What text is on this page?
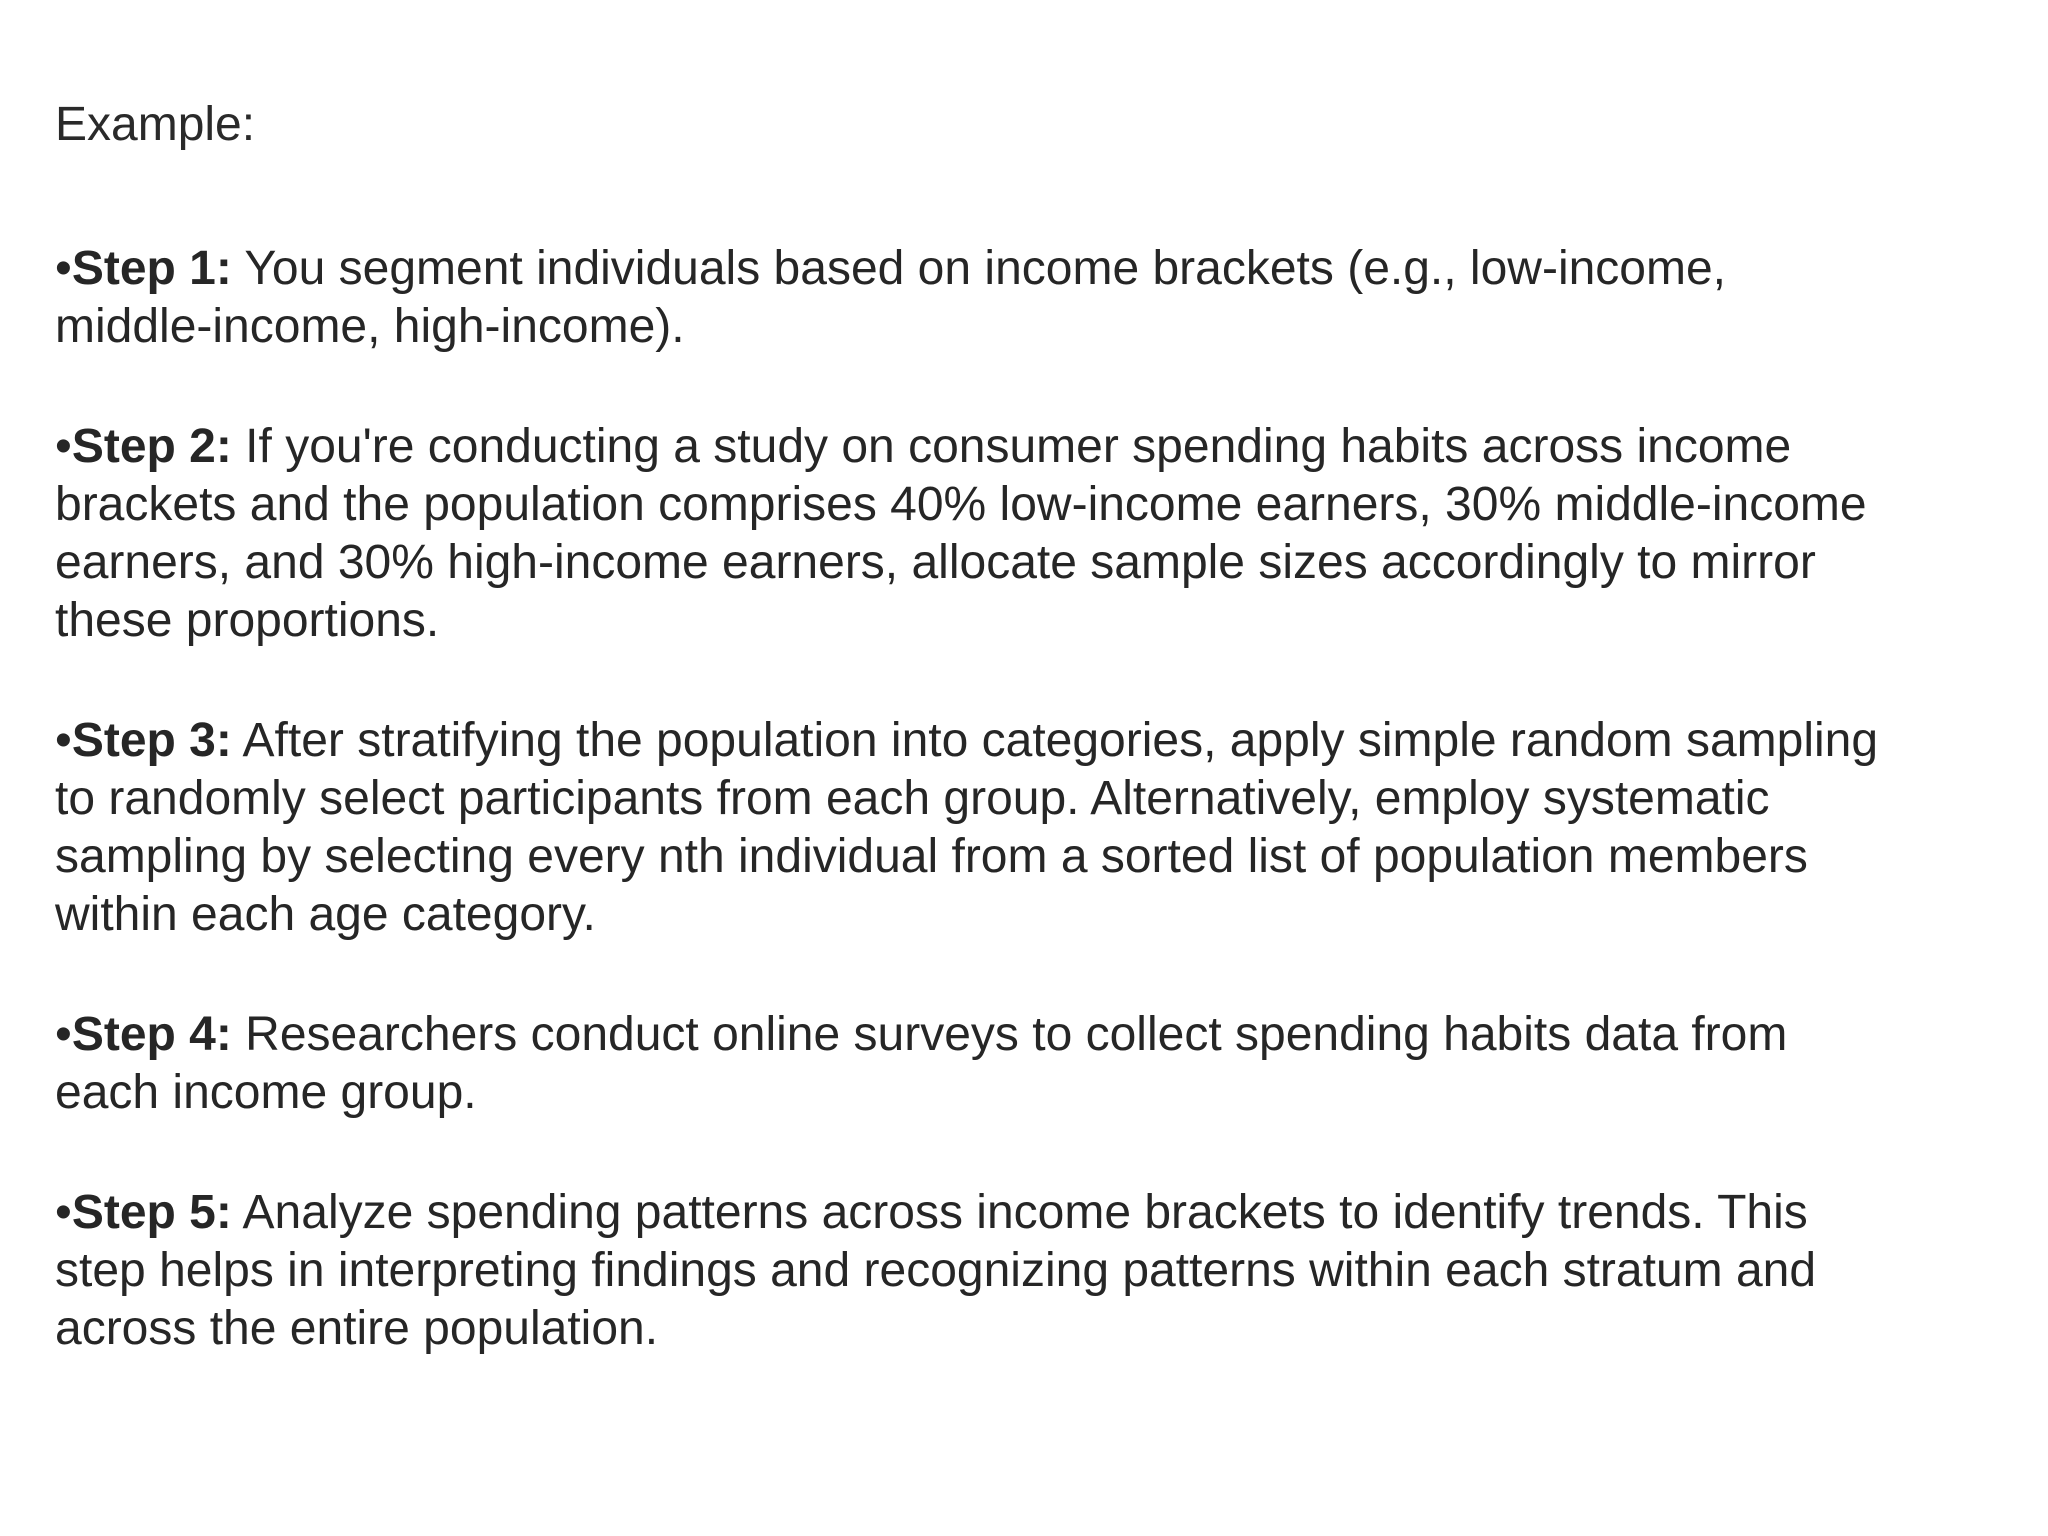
Example:
•Step 1: You segment individuals based on income brackets (e.g., low-income, middle-income, high-income).
•Step 2: If you're conducting a study on consumer spending habits across income brackets and the population comprises 40% low-income earners, 30% middle-income earners, and 30% high-income earners, allocate sample sizes accordingly to mirror these proportions.
•Step 3: After stratifying the population into categories, apply simple random sampling to randomly select participants from each group. Alternatively, employ systematic sampling by selecting every nth individual from a sorted list of population members within each age category.
•Step 4: Researchers conduct online surveys to collect spending habits data from each income group.
•Step 5: Analyze spending patterns across income brackets to identify trends. This step helps in interpreting findings and recognizing patterns within each stratum and across the entire population.
